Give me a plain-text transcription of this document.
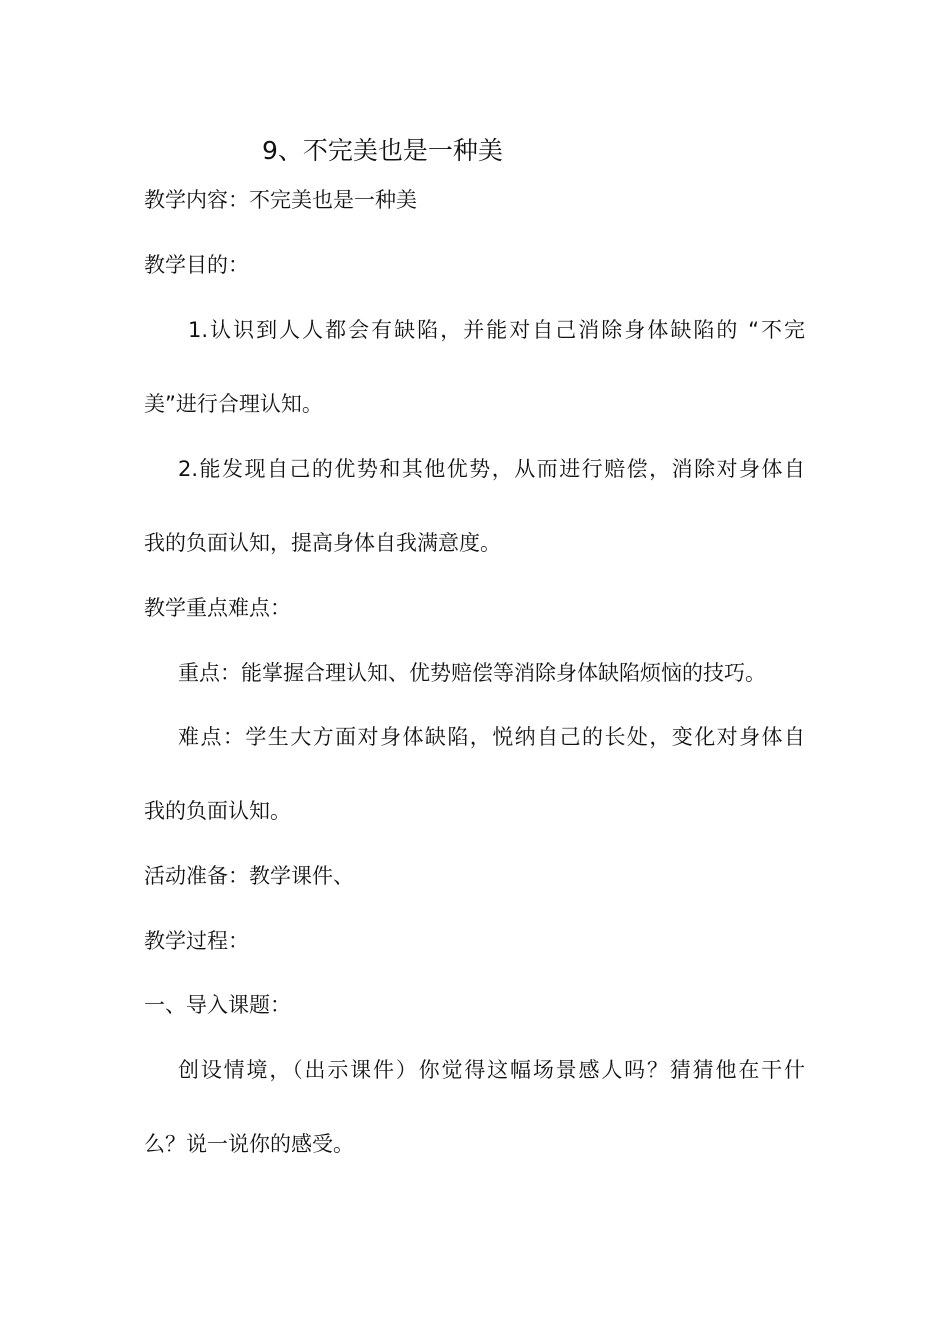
9、不完美也是一种美

教学内容：不完美也是一种美

教学目的：

1.认识到人人都会有缺陷，并能对自己消除身体缺陷的 “不完

美”进行合理认知。

2.能发现自己的优势和其他优势，从而进行赔偿，消除对身体自

我的负面认知，提高身体自我满意度。

教学重点难点：

重点：能掌握合理认知、优势赔偿等消除身体缺陷烦恼的技巧。

难点：学生大方面对身体缺陷，悦纳自己的长处，变化对身体自

我的负面认知。

活动准备：教学课件、

教学过程：

一、导入课题：

创设情境，（出示课件）你觉得这幅场景感人吗？猜猜他在干什

么？说一说你的感受。
